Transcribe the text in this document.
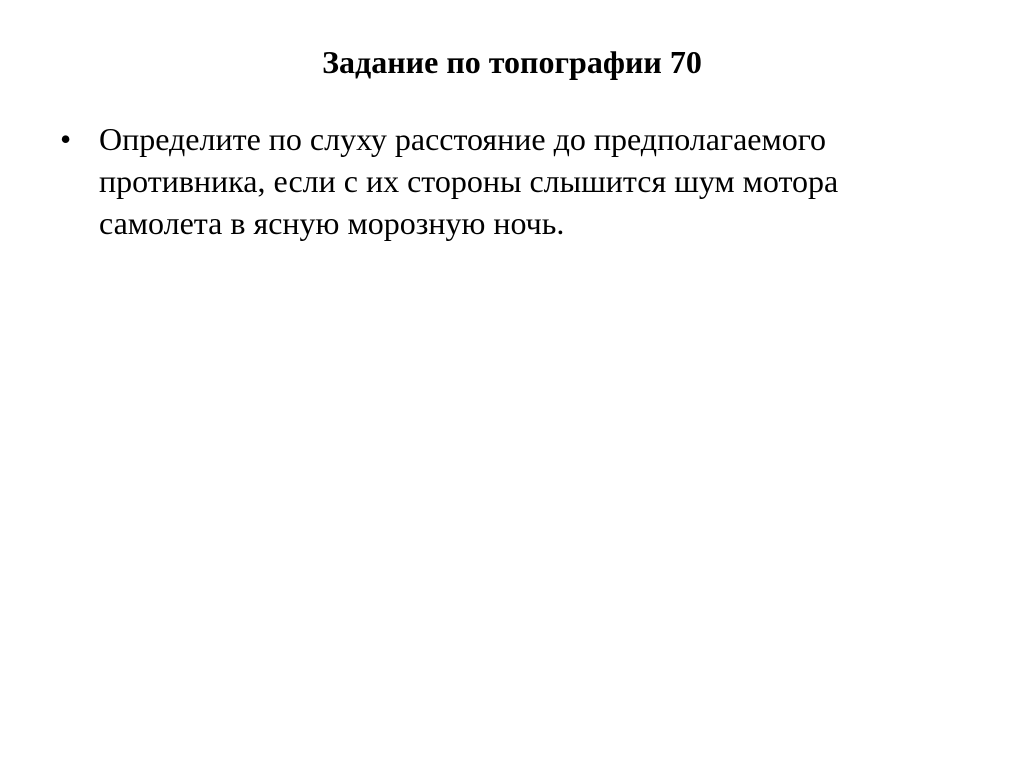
Задание по топографии 70
• Определите по слуху расстояние до предполагаемого противника, если с их стороны слышится шум мотора самолета в ясную морозную ночь.
